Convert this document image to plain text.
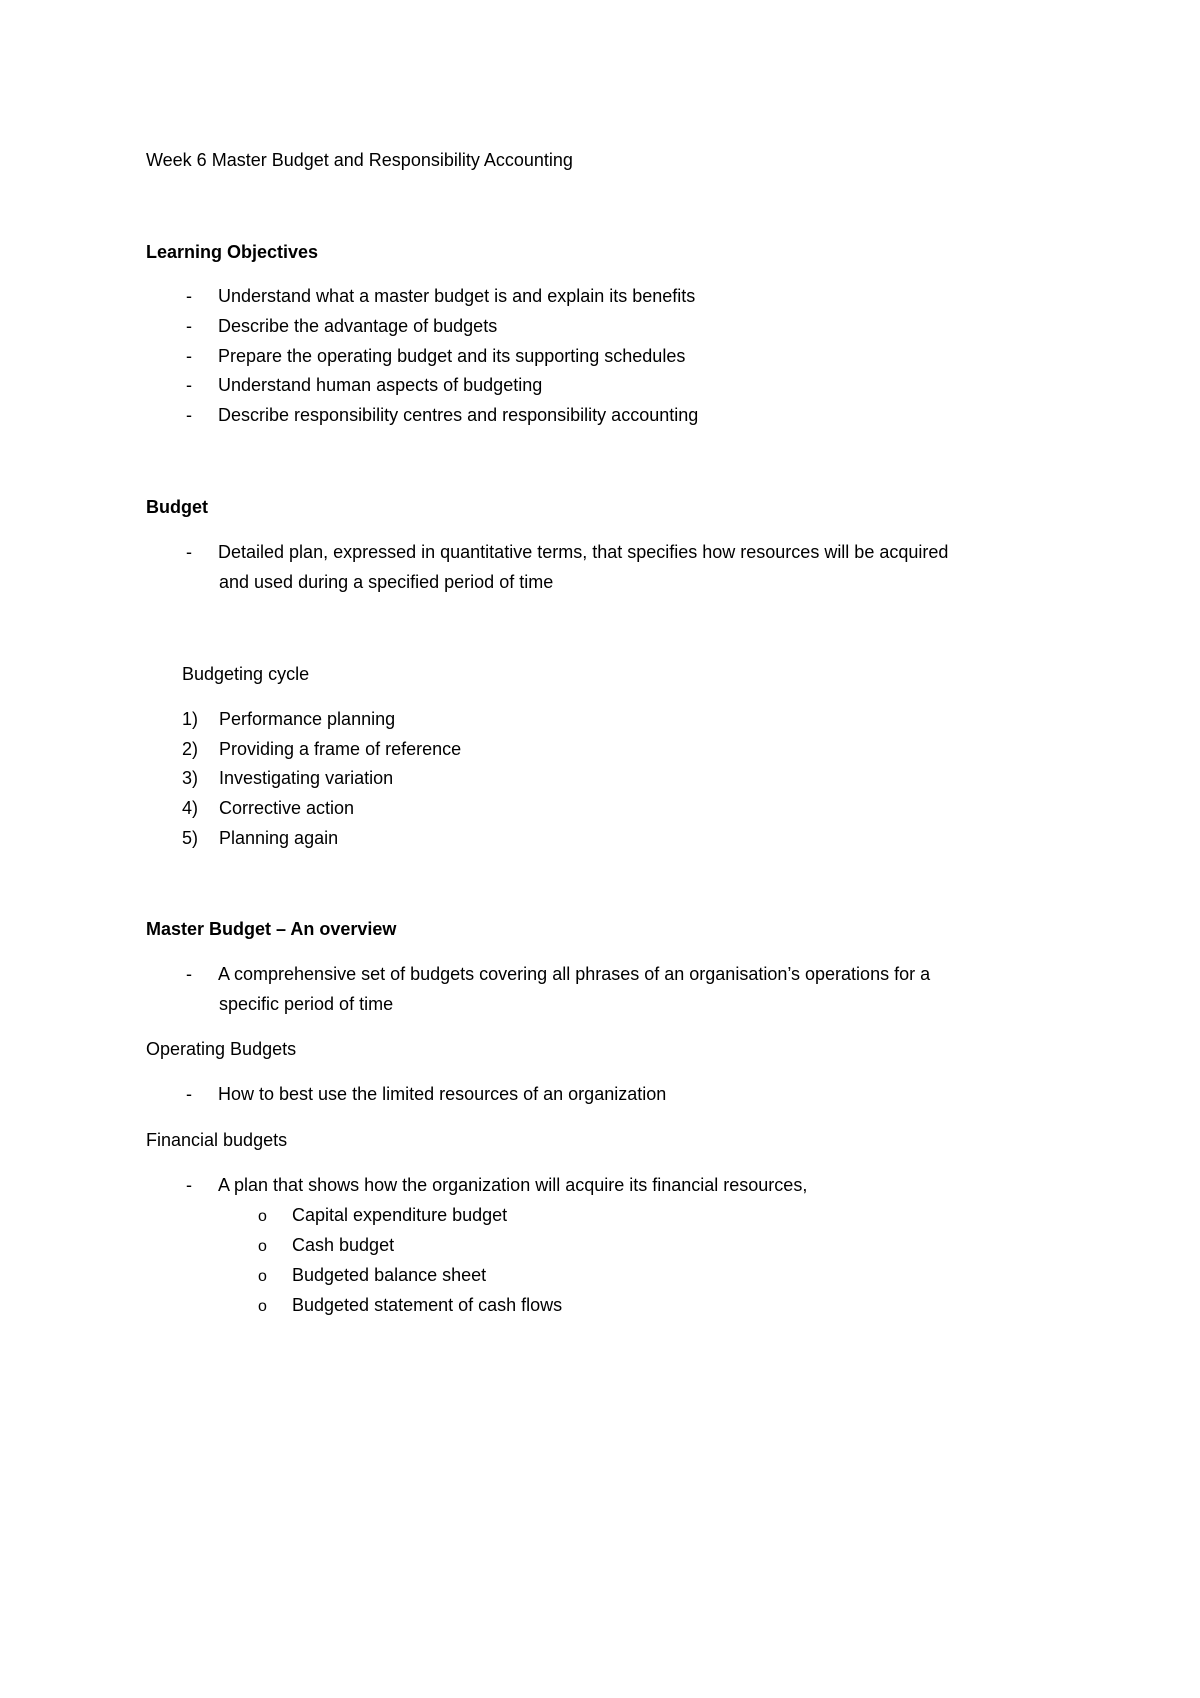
Week 6 Master Budget and Responsibility Accounting
Learning Objectives
- Understand what a master budget is and explain its benefits
- Describe the advantage of budgets
- Prepare the operating budget and its supporting schedules
- Understand human aspects of budgeting
- Describe responsibility centres and responsibility accounting
Budget
- Detailed plan, expressed in quantitative terms, that specifies how resources will be acquired
and used during a specified period of time
Budgeting cycle
1) Performance planning
2) Providing a frame of reference
3) Investigating variation
4) Corrective action
5) Planning again
Master Budget – An overview
- A comprehensive set of budgets covering all phrases of an organisation’s operations for a
specific period of time
Operating Budgets
- How to best use the limited resources of an organization
Financial budgets
- A plan that shows how the organization will acquire its financial resources,
o Capital expenditure budget
o Cash budget
o Budgeted balance sheet
o Budgeted statement of cash flows
